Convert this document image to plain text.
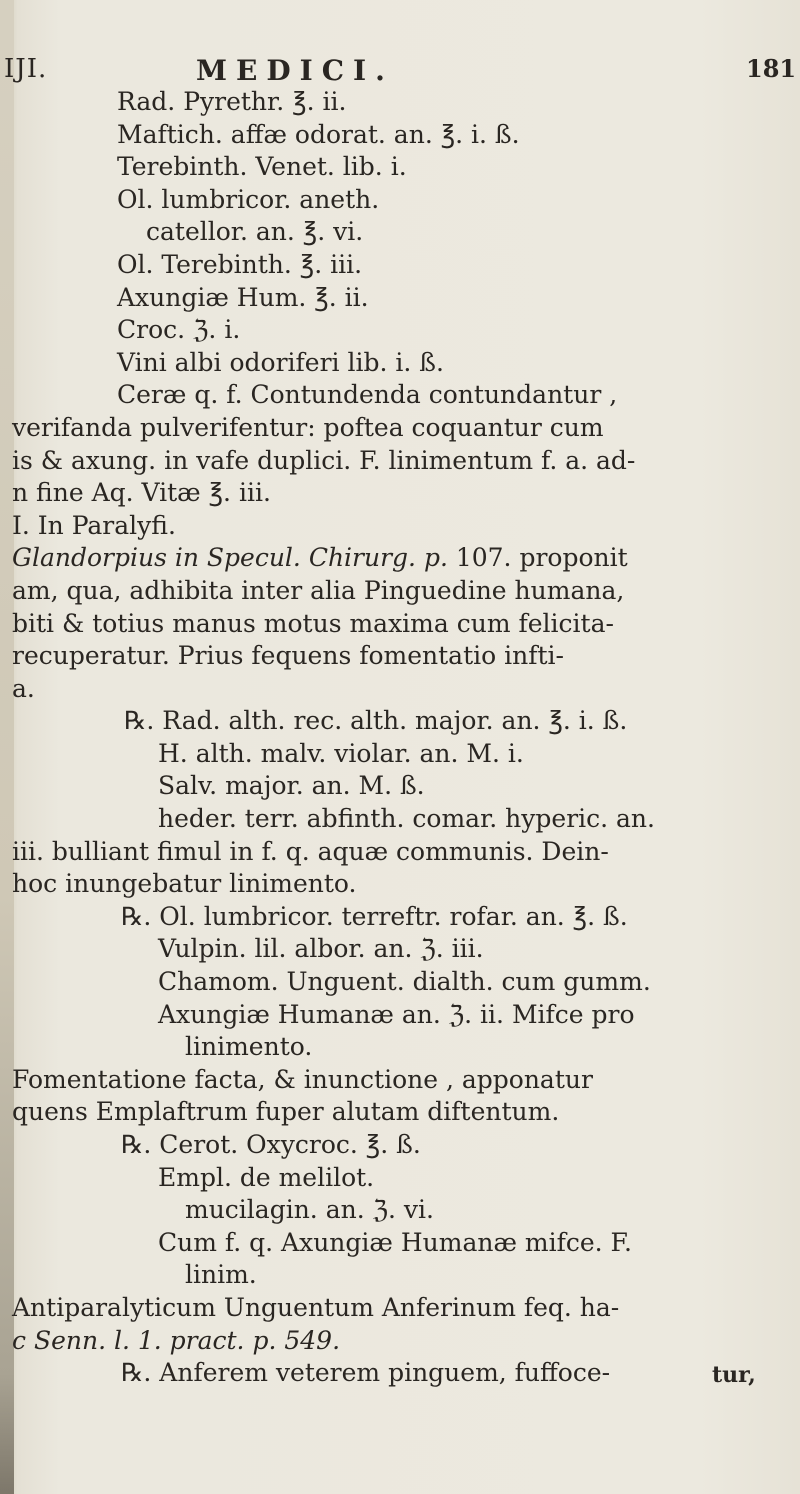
IJI.	MEDICI.	181
Rad. Pyrethr. ℥. ii.
Maftich. affæ odorat. an. ℥. i. ß.
Terebinth. Venet. lib. i.
Ol. lumbricor. aneth.
catellor. an. ℥. vi.
Ol. Terebinth. ℥. iii.
Axungiæ Hum. ℥. ii.
Croc. ℨ. i.
Vini albi odoriferi lib. i. ß.
Ceræ q. f. Contundenda contundantur ,
verifanda pulverifentur: poftea coquantur cum
is & axung. in vafe duplici. F. linimentum f. a. ad-
n fine Aq. Vitæ ℥. iii.
I. In Paralyfi.
Glandorpius in Specul. Chirurg. p. 107. proponit
am, qua, adhibita inter alia Pinguedine humana,
biti & totius manus motus maxima cum felicita-
recuperatur. Prius fequens fomentatio infti-
a.
℞. Rad. alth. rec. alth. major. an. ℥. i. ß.
H. alth. malv. violar. an. M. i.
Salv. major. an. M. ß.
heder. terr. abfinth. comar. hyperic. an.
iii. bulliant fimul in f. q. aquæ communis. Dein-
hoc inungebatur linimento.
℞. Ol. lumbricor. terreftr. rofar. an. ℥. ß.
Vulpin. lil. albor. an. ℨ. iii.
Chamom. Unguent. dialth. cum gumm.
Axungiæ Humanæ an. ℨ. ii. Mifce pro
linimento.
Fomentatione facta, & inunctione , apponatur
quens Emplaftrum fuper alutam diftentum.
℞. Cerot. Oxycroc. ℥. ß.
Empl. de melilot.
mucilagin. an. ℨ. vi.
Cum f. q. Axungiæ Humanæ mifce. F.
linim.
Antiparalyticum Unguentum Anferinum feq. ha-
c Senn. l. 1. pract. p. 549.
℞. Anferem veterem pinguem, fuffoce-	tur,
